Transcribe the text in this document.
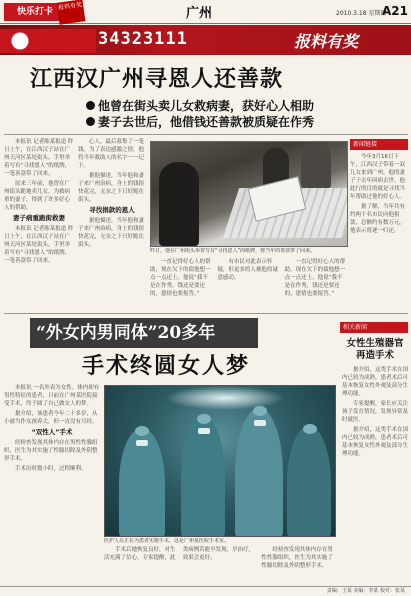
快乐打卡
报料有奖	广州	2010.3.18 星期四
A21
34323111	报料有奖
江西汉广州寻恩人还善款
他曾在街头卖儿女救病妻，获好心人相助
妻子去世后，他借钱还善款被质疑在作秀

本报讯 记者陈某报道 昨日上午，在江西汉子站在广州天河区某处街头，手里举着写有“寻找恩人”的纸牌，一笔善款带了回来。

原来三年前，他曾在广州街头跪地卖儿女，为救病重的妻子，得到了许多好心人的帮助。

妻子病重跪街救妻

本报讯 记者陈某报道 昨日上午，在江西汉子站在广州天河区某处街头，手里举着写有“寻找恩人”的纸牌，一笔善款带了回来。

心人，最后募集了一笔钱。为了表达感激之情，他将当年救助人的名字一一记下。

据他描述，当年他和妻子来广州治病，身上的钱很快花完，无奈之下只好跪在街头。

寻找捐款的恩人

据他描述，当年他和妻子来广州治病，身上的钱很快花完，无奈之下只好跪在街头。

昨日，他在广州街头举着写有“寻找恩人”的纸牌，将当年的善款带了回来。

一直记得好心人的帮助，现在欠下的债他想一点一点还上。他说“我不是在作秀，钱还是要还的，恩情也要报答。”

有市民对此表示怀疑，但更多的人被他的诚意感动。

一直记得好心人的帮助，现在欠下的债他想一点一点还上。他说“我不是在作秀，钱还是要还的，恩情也要报答。”

新闻链接

今年3月16日下午，江西汉子带着一双儿女来到广州，他的妻子于去年因病去世。他此行的目的就是寻找当年帮助过他的好心人。

据了解，当年共有约两千名市民向他捐款，总额约有数万元。他表示将逐一归还。

“外女内男同体”20多年
手术终圆女人梦

本报讯 一名外表为女性、体内却有男性特征的患者，日前在广州某医院接受手术，终于圆了自己做女人的梦。

据介绍，该患者今年二十多岁，从小被当作女孩养大，但一直没有月经。

“双性人”手术

经检查发现其体内存在男性性腺组织，医生为其实施了性腺切除及外阴整形手术。

手术历时数小时，过程顺利。

医护人员正在为患者实施手术，这是广州某医院手术室。

手术后她恢复良好，对生活充满了信心。专家提醒，此类病例若能早发现、早治疗，效果会更好。

经检查发现其体内存在男性性腺组织，医生为其实施了性腺切除及外阴整形手术。

相关新闻
女性生殖器官再造手术

据介绍，这类手术在国内已较为成熟，患者术后可基本恢复女性外观及部分生理功能。

专家提醒，家长应关注孩子发育情况，发现异常及时就医。

据介绍，这类手术在国内已较为成熟，患者术后可基本恢复女性外观及部分生理功能。

责编：王某 美编：李某 校对：张某
